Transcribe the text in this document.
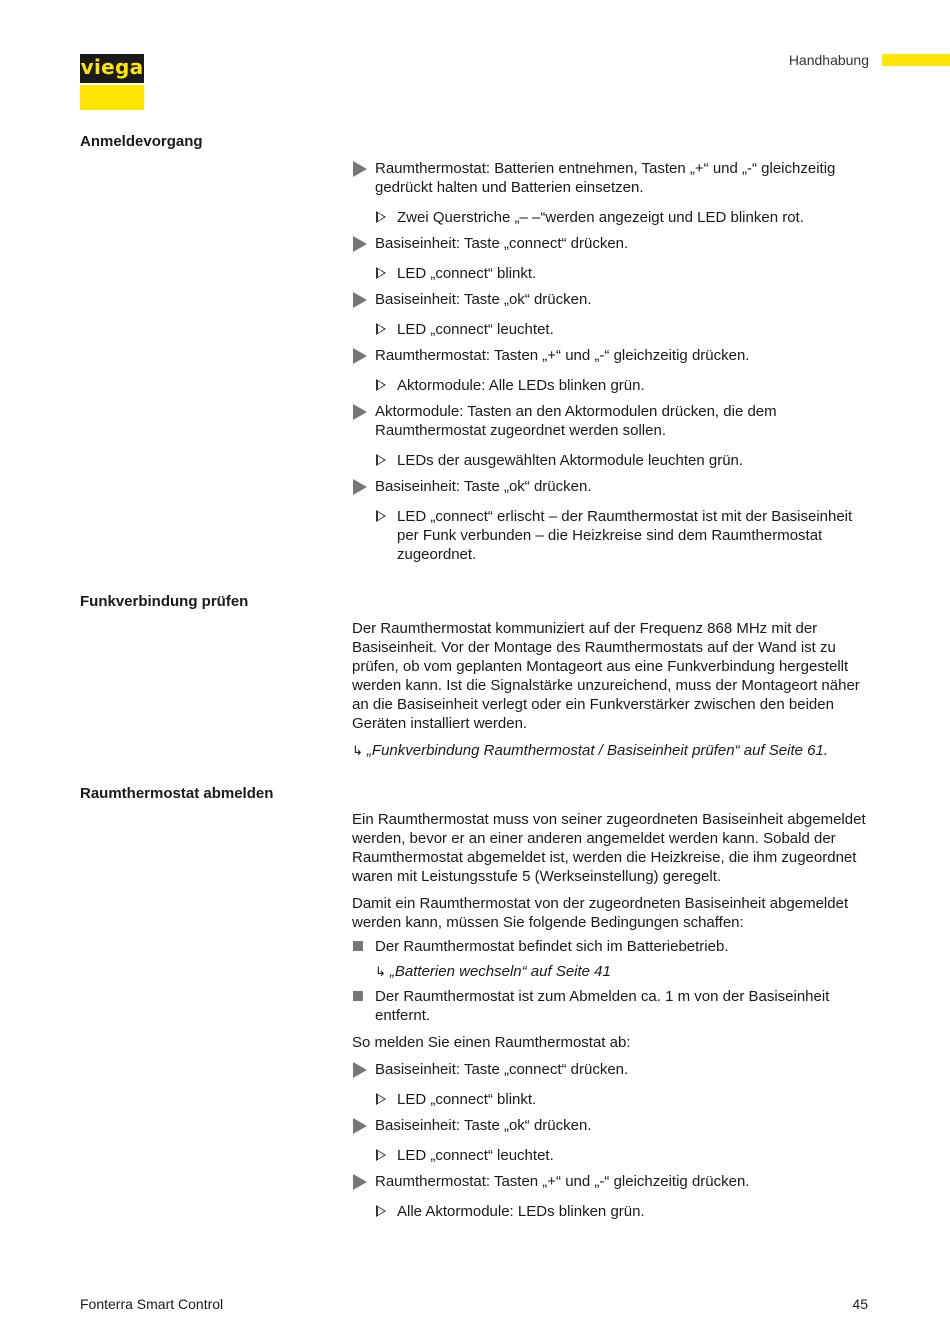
viega	Handhabung
Anmeldevorgang
Raumthermostat: Batterien entnehmen, Tasten „+“ und „-“ gleichzeitig gedrückt halten und Batterien einsetzen.
Zwei Querstriche „– –“werden angezeigt und LED blinken rot.
Basiseinheit: Taste „connect“ drücken.
LED „connect“ blinkt.
Basiseinheit: Taste „ok“ drücken.
LED „connect“ leuchtet.
Raumthermostat: Tasten „+“ und „-“ gleichzeitig drücken.
Aktormodule: Alle LEDs blinken grün.
Aktormodule: Tasten an den Aktormodulen drücken, die dem Raumthermostat zugeordnet werden sollen.
LEDs der ausgewählten Aktormodule leuchten grün.
Basiseinheit: Taste „ok“ drücken.
LED „connect“ erlischt – der Raumthermostat ist mit der Basiseinheit per Funk verbunden – die Heizkreise sind dem Raumthermostat zugeordnet.
Funkverbindung prüfen

Der Raumthermostat kommuniziert auf der Frequenz 868 MHz mit der Basiseinheit. Vor der Montage des Raumthermostats auf der Wand ist zu prüfen, ob vom geplanten Montageort aus eine Funkverbindung hergestellt werden kann. Ist die Signalstärke unzureichend, muss der Montageort näher an die Basiseinheit verlegt oder ein Funkverstärker zwischen den beiden Geräten installiert werden.

↳ „Funkverbindung Raumthermostat / Basiseinheit prüfen“ auf Seite 61.
Raumthermostat abmelden

Ein Raumthermostat muss von seiner zugeordneten Basiseinheit abgemeldet werden, bevor er an einer anderen angemeldet werden kann. Sobald der Raumthermostat abgemeldet ist, werden die Heizkreise, die ihm zugeordnet waren mit Leistungsstufe 5 (Werkseinstellung) geregelt.

Damit ein Raumthermostat von der zugeordneten Basiseinheit abgemeldet werden kann, müssen Sie folgende Bedingungen schaffen:

Der Raumthermostat befindet sich im Batteriebetrieb.
↳ „Batterien wechseln“ auf Seite 41
Der Raumthermostat ist zum Abmelden ca. 1 m von der Basiseinheit entfernt.

So melden Sie einen Raumthermostat ab:

Basiseinheit: Taste „connect“ drücken.
LED „connect“ blinkt.
Basiseinheit: Taste „ok“ drücken.
LED „connect“ leuchtet.
Raumthermostat: Tasten „+“ und „-“ gleichzeitig drücken.
Alle Aktormodule: LEDs blinken grün.
Fonterra Smart Control	45
